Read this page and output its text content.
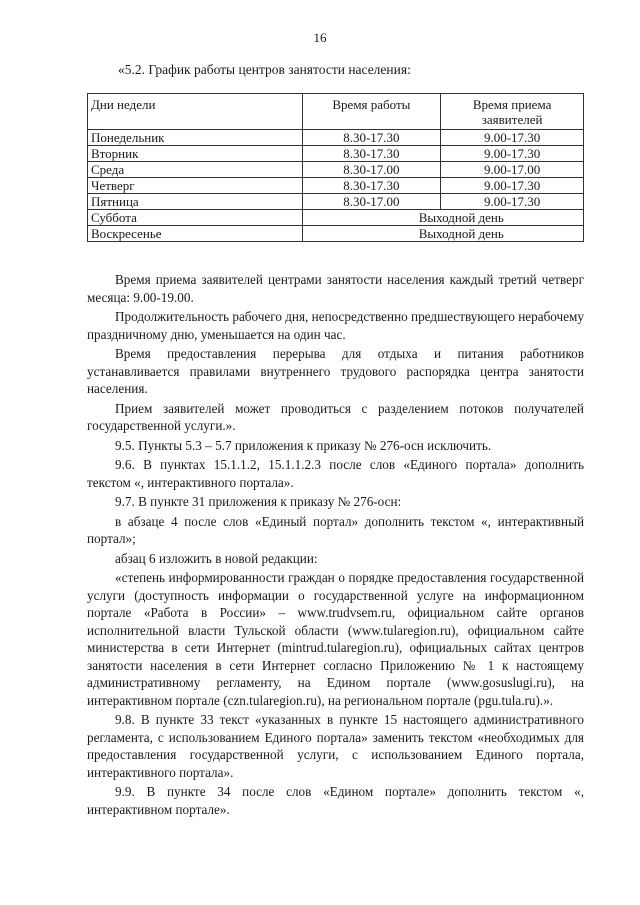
16
«5.2. График работы центров занятости населения:
Дни недели	Время работы	Время приема заявителей
Понедельник	8.30-17.30	9.00-17.30
Вторник	8.30-17.30	9.00-17.30
Среда	8.30-17.00	9.00-17.00
Четверг	8.30-17.30	9.00-17.30
Пятница	8.30-17.00	9.00-17.30
Суббота	Выходной день	
Воскресенье	Выходной день	

Время приема заявителей центрами занятости населения каждый третий четверг месяца: 9.00-19.00.

Продолжительность рабочего дня, непосредственно предшествующего нерабочему праздничному дню, уменьшается на один час.

Время предоставления перерыва для отдыха и питания работников устанавливается правилами внутреннего трудового распорядка центра занятости населения.

Прием заявителей может проводиться с разделением потоков получателей государственной услуги.».

9.5. Пункты 5.3 – 5.7 приложения к приказу № 276-осн исключить.

9.6. В пунктах 15.1.1.2, 15.1.1.2.3 после слов «Единого портала» дополнить текстом «, интерактивного портала».

9.7. В пункте 31 приложения к приказу № 276-осн:

в абзаце 4 после слов «Единый портал» дополнить текстом «, интерактивный портал»;

абзац 6 изложить в новой редакции:

«степень информированности граждан о порядке предоставления государственной услуги (доступность информации о государственной услуге на информационном портале «Работа в России» – www.trudvsem.ru, официальном сайте органов исполнительной власти Тульской области (www.tularegion.ru), официальном сайте министерства в сети Интернет (mintrud.tularegion.ru), официальных сайтах центров занятости населения в сети Интернет согласно Приложению № 1 к настоящему административному регламенту, на Едином портале (www.gosuslugi.ru), на интерактивном портале (czn.tularegion.ru), на региональном портале (pgu.tula.ru).».

9.8. В пункте 33 текст «указанных в пункте 15 настоящего административного регламента, с использованием Единого портала» заменить текстом «необходимых для предоставления государственной услуги, с использованием Единого портала, интерактивного портала».

9.9. В пункте 34 после слов «Едином портале» дополнить текстом «, интерактивном портале».
